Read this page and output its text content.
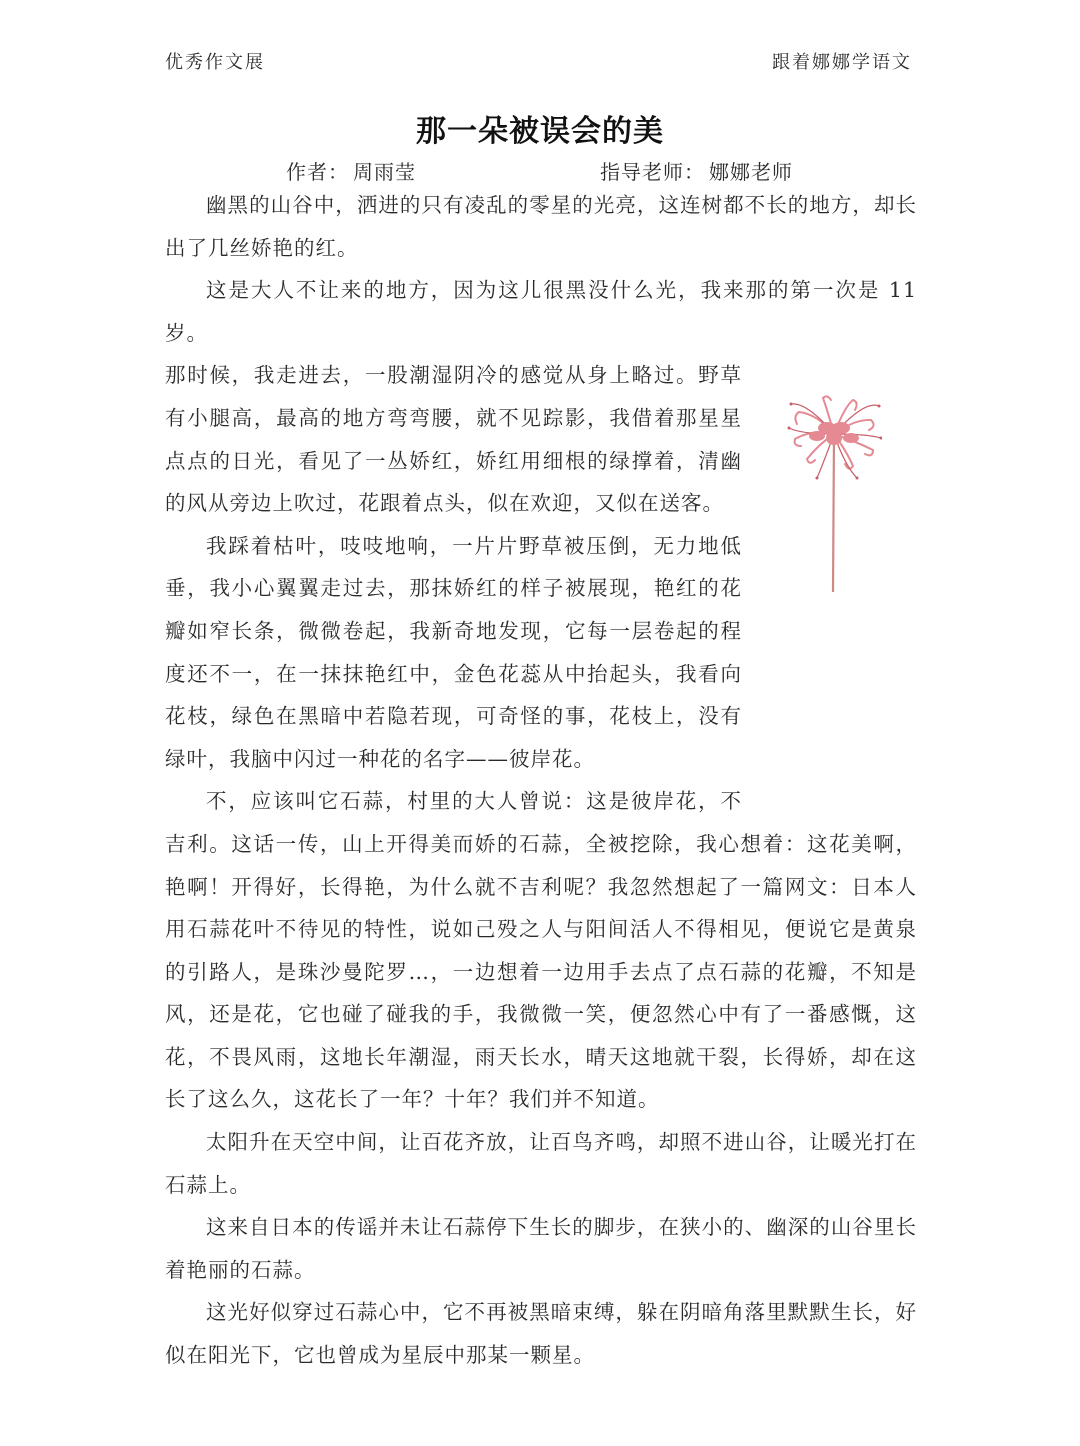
优秀作文展	跟着娜娜学语文
那一朵被误会的美
作者： 周雨莹	指导老师： 娜娜老师

幽黑的山谷中，洒进的只有凌乱的零星的光亮，这连树都不长的地方，却长出了几丝娇艳的红。

这是大人不让来的地方，因为这儿很黑没什么光，我来那的第一次是 11 岁。

那时候，我走进去，一股潮湿阴冷的感觉从身上略过。野草有小腿高，最高的地方弯弯腰，就不见踪影，我借着那星星点点的日光，看见了一丛娇红，娇红用细根的绿撑着，清幽的风从旁边上吹过，花跟着点头，似在欢迎，又似在送客。

我踩着枯叶，吱吱地响，一片片野草被压倒，无力地低垂，我小心翼翼走过去，那抹娇红的样子被展现，艳红的花瓣如窄长条，微微卷起，我新奇地发现，它每一层卷起的程度还不一，在一抹抹艳红中，金色花蕊从中抬起头，我看向花枝，绿色在黑暗中若隐若现，可奇怪的事，花枝上，没有绿叶，我脑中闪过一种花的名字——彼岸花。

不，应该叫它石蒜，村里的大人曾说：这是彼岸花，不吉利。这话一传，山上开得美而娇的石蒜，全被挖除，我心想着：这花美啊，艳啊！开得好，长得艳，为什么就不吉利呢？我忽然想起了一篇网文：日本人用石蒜花叶不待见的特性，说如己殁之人与阳间活人不得相见，便说它是黄泉的引路人，是珠沙曼陀罗…，一边想着一边用手去点了点石蒜的花瓣，不知是风，还是花，它也碰了碰我的手，我微微一笑，便忽然心中有了一番感慨，这花，不畏风雨，这地长年潮湿，雨天长水，晴天这地就干裂，长得娇，却在这长了这么久，这花长了一年？十年？我们并不知道。

太阳升在天空中间，让百花齐放，让百鸟齐鸣，却照不进山谷，让暖光打在石蒜上。

这来自日本的传谣并未让石蒜停下生长的脚步，在狭小的、幽深的山谷里长着艳丽的石蒜。

这光好似穿过石蒜心中，它不再被黑暗束缚，躲在阴暗角落里默默生长，好似在阳光下，它也曾成为星辰中那某一颗星。
